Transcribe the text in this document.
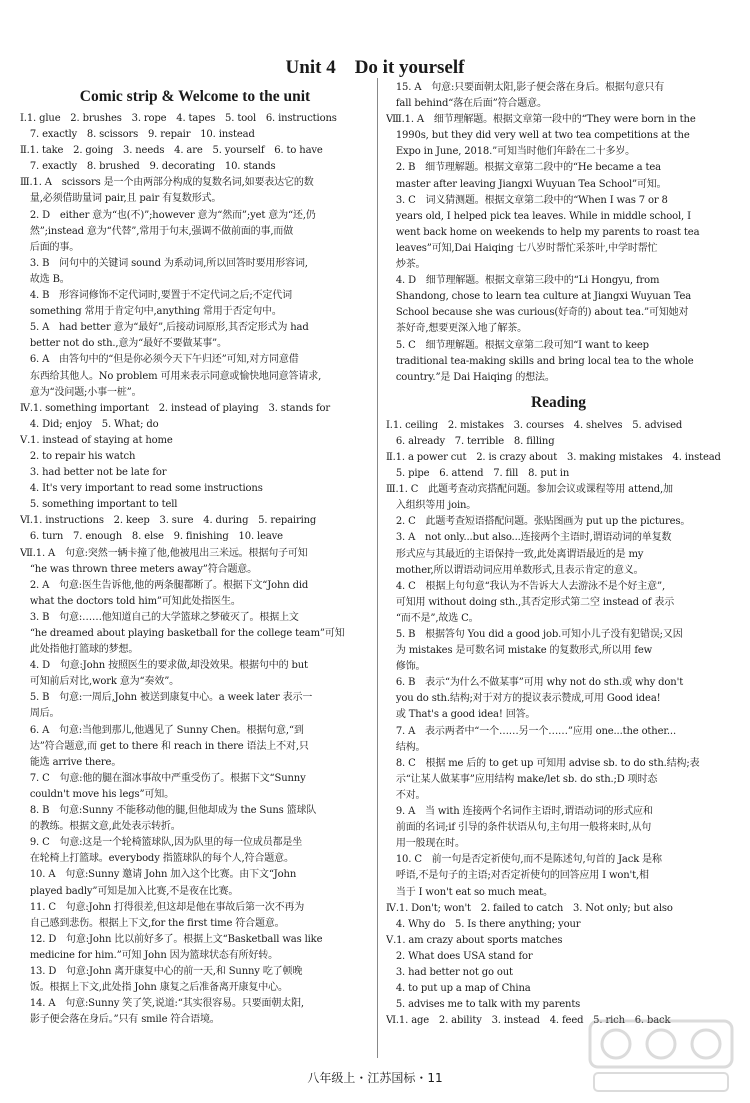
Unit 4　Do it yourself
Comic strip & Welcome to the unit
Ⅰ.1. glue　2. brushes　3. rope　4. tapes　5. tool　6. instructions
　7. exactly　8. scissors　9. repair　10. instead
Ⅱ.1. take　2. going　3. needs　4. are　5. yourself　6. to have
　7. exactly　8. brushed　9. decorating　10. stands
Ⅲ.1. A　scissors 是一个由两部分构成的复数名词,如要表达它的数
　量,必须借助量词 pair,且 pair 有复数形式。
　2. D　either 意为“也(不)”;however 意为“然而”;yet 意为“还,仍
　然”;instead 意为“代替”,常用于句末,强调不做前面的事,而做
　后面的事。
　3. B　问句中的关键词 sound 为系动词,所以回答时要用形容词,
　故选 B。
　4. B　形容词修饰不定代词时,要置于不定代词之后;不定代词
　something 常用于肯定句中,anything 常用于否定句中。
　5. A　had better 意为“最好”,后接动词原形,其否定形式为 had
　better not do sth.,意为“最好不要做某事”。
　6. A　由答句中的“但是你必须今天下午归还”可知,对方同意借
　东西给其他人。No problem 可用来表示同意或愉快地同意答请求,
　意为“没问题;小事一桩”。
Ⅳ.1. something important　2. instead of playing　3. stands for
　4. Did; enjoy　5. What; do
Ⅴ.1. instead of staying at home
　2. to repair his watch
　3. had better not be late for
　4. It's very important to read some instructions
　5. something important to tell
Ⅵ.1. instructions　2. keep　3. sure　4. during　5. repairing
　6. turn　7. enough　8. else　9. finishing　10. leave
Ⅶ.1. A　句意:突然一辆卡撞了他,他被甩出三米远。根据句子可知
　“he was thrown three meters away”符合题意。
　2. A　句意:医生告诉他,他的两条腿都断了。根据下文“John did
　what the doctors told him”可知此处指医生。
　3. B　句意:……他知道自己的大学篮球之梦破灭了。根据上文
　“he dreamed about playing basketball for the college team”可知
　此处指他打篮球的梦想。
　4. D　句意:John 按照医生的要求做,却没效果。根据句中的 but
　可知前后对比,work 意为“奏效”。
　5. B　句意:一周后,John 被送到康复中心。a week later 表示一
　周后。
　6. A　句意:当他到那儿,他遇见了 Sunny Chen。根据句意,“到
　达”符合题意,而 get to there 和 reach in there 语法上不对,只
　能选 arrive there。
　7. C　句意:他的腿在溜冰事故中严重受伤了。根据下文“Sunny
　couldn't move his legs”可知。
　8. B　句意:Sunny 不能移动他的腿,但他却成为 the Suns 篮球队
　的教练。根据文意,此处表示转折。
　9. C　句意:这是一个轮椅篮球队,因为队里的每一位成员都是坐
　在轮椅上打篮球。everybody 指篮球队的每个人,符合题意。
　10. A　句意:Sunny 邀请 John 加入这个比赛。由下文“John
　played badly”可知是加入比赛,不是夜在比赛。
　11. C　句意:John 打得很差,但这却是他在事故后第一次不再为
　自己感到悲伤。根据上下文,for the first time 符合题意。
　12. D　句意:John 比以前好多了。根据上文“Basketball was like
　medicine for him.”可知 John 因为篮球状态有所好转。
　13. D　句意:John 离开康复中心的前一天,和 Sunny 吃了顿晚
　饭。根据上下文,此处指 John 康复之后准备离开康复中心。
　14. A　句意:Sunny 笑了笑,说道:“其实很容易。只要面朝太阳,
　影子便会落在身后。”只有 smile 符合语境。
　15. A　句意:只要面朝太阳,影子便会落在身后。根据句意只有
　fall behind“落在后面”符合题意。
Ⅷ.1. A　细节理解题。根据文章第一段中的“They were born in the
　1990s, but they did very well at two tea competitions at the
　Expo in June, 2018.”可知当时他们年龄在二十多岁。
　2. B　细节理解题。根据文章第二段中的“He became a tea
　master after leaving Jiangxi Wuyuan Tea School”可知。
　3. C　词义猜测题。根据文章第二段中的“When I was 7 or 8
　years old, I helped pick tea leaves. While in middle school, I
　went back home on weekends to help my parents to roast tea
　leaves”可知,Dai Haiqing 七八岁时帮忙采茶叶,中学时帮忙
　炒茶。
　4. D　细节理解题。根据文章第三段中的“Li Hongyu, from
　Shandong, chose to learn tea culture at Jiangxi Wuyuan Tea
　School because she was curious(好奇的) about tea.”可知她对
　茶好奇,想要更深入地了解茶。
　5. C　细节理解题。根据文章第二段可知“I want to keep
　traditional tea-making skills and bring local tea to the whole
　country.”是 Dai Haiqing 的想法。
Reading
Ⅰ.1. ceiling　2. mistakes　3. courses　4. shelves　5. advised
　6. already　7. terrible　8. filling
Ⅱ.1. a power cut　2. is crazy about　3. making mistakes　4. instead
　5. pipe　6. attend　7. fill　8. put in
Ⅲ.1. C　此题考查动宾搭配问题。参加会议或课程等用 attend,加
　入组织等用 join。
　2. C　此题考查短语搭配问题。张贴图画为 put up the pictures。
　3. A　not only...but also...连接两个主语时,谓语动词的单复数
　形式应与其最近的主语保持一致,此处离谓语最近的是 my
　mother,所以谓语动词应用单数形式,且表示肯定的意义。
　4. C　根据上句句意“我认为不告诉大人去游泳不是个好主意”,
　可知用 without doing sth.,其否定形式第二空 instead of 表示
　“而不是”,故选 C。
　5. B　根据答句 You did a good job.可知小儿子没有犯错误;又因
　为 mistakes 是可数名词 mistake 的复数形式,所以用 few
　修饰。
　6. B　表示“为什么不做某事”可用 why not do sth.或 why don't
　you do sth.结构;对于对方的提议表示赞成,可用 Good idea!
　或 That's a good idea! 回答。
　7. A　表示两者中“一个……另一个……”应用 one...the other...
　结构。
　8. C　根据 me 后的 to get up 可知用 advise sb. to do sth.结构;表
　示“让某人做某事”应用结构 make/let sb. do sth.;D 项时态
　不对。
　9. A　当 with 连接两个名词作主语时,谓语动词的形式应和
　前面的名词;if 引导的条件状语从句,主句用一般将来时,从句
　用一般现在时。
　10. C　前一句是否定祈使句,而不是陈述句,句首的 Jack 是称
　呼语,不是句子的主语;对否定祈使句的回答应用 I won't,相
　当于 I won't eat so much meat。
Ⅳ.1. Don't; won't　2. failed to catch　3. Not only; but also
　4. Why do　5. Is there anything; your
Ⅴ.1. am crazy about sports matches
　2. What does USA stand for
　3. had better not go out
　4. to put up a map of China
　5. advises me to talk with my parents
Ⅵ.1. age　2. ability　3. instead　4. feed　5. rich　6. back
八年级上・江苏国标・11
